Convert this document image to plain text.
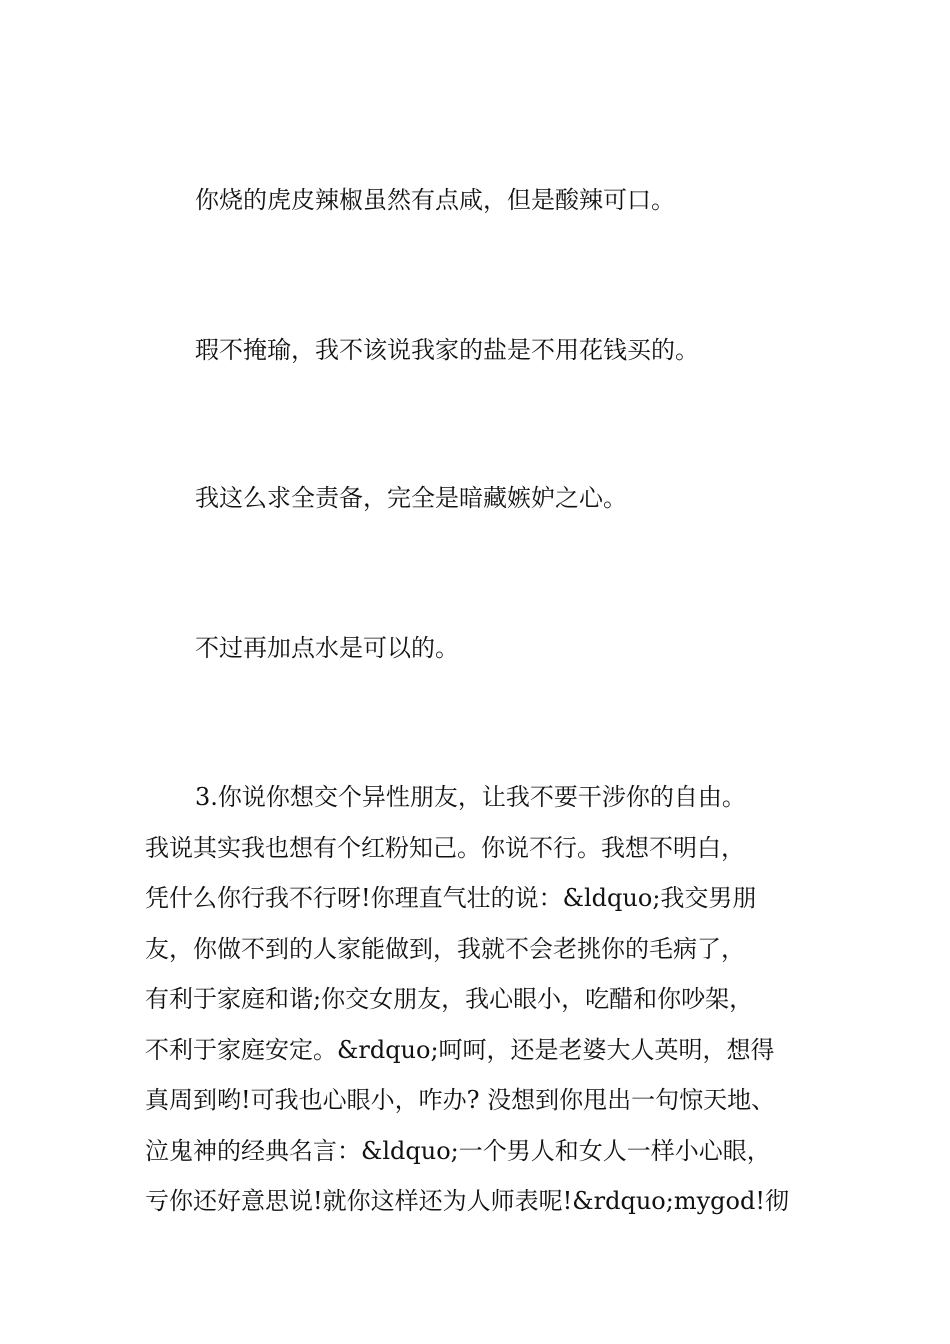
你烧的虎皮辣椒虽然有点咸，但是酸辣可口。

瑕不掩瑜，我不该说我家的盐是不用花钱买的。

我这么求全责备，完全是暗藏嫉妒之心。

不过再加点水是可以的。

3.你说你想交个异性朋友，让我不要干涉你的自由。
我说其实我也想有个红粉知己。你说不行。我想不明白，
凭什么你行我不行呀!你理直气壮的说：&ldquo;我交男朋
友，你做不到的人家能做到，我就不会老挑你的毛病了，
有利于家庭和谐;你交女朋友，我心眼小，吃醋和你吵架，
不利于家庭安定。&rdquo;呵呵，还是老婆大人英明，想得
真周到哟!可我也心眼小，咋办? 没想到你甩出一句惊天地、
泣鬼神的经典名言：&ldquo;一个男人和女人一样小心眼，
亏你还好意思说!就你这样还为人师表呢!&rdquo;mygod!彻
